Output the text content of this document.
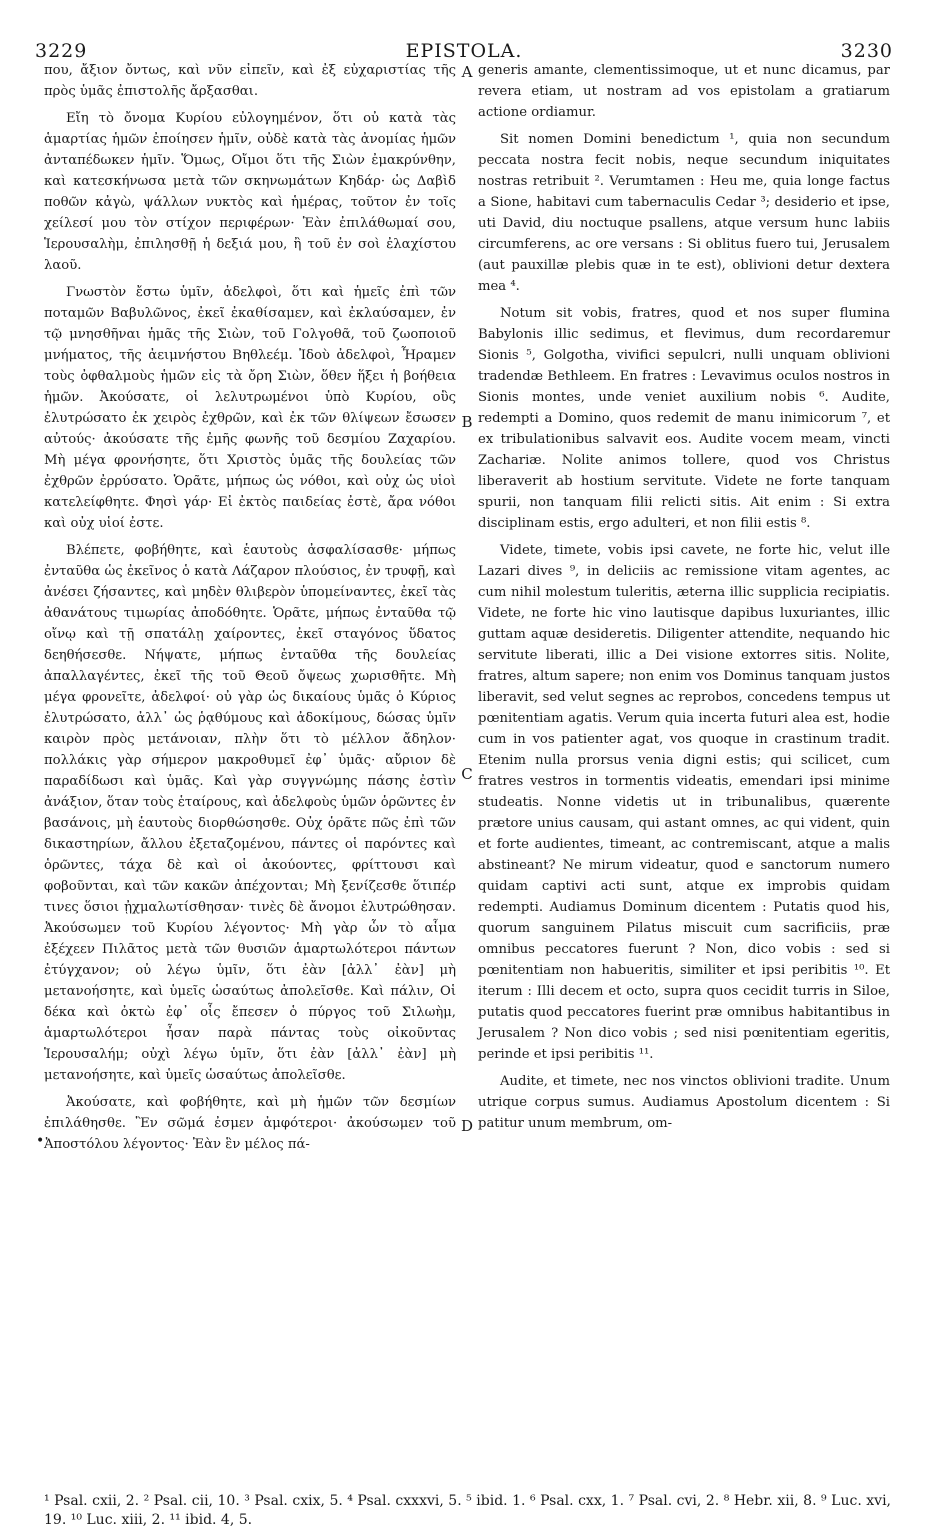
3229	EPISTOLA.	3230

που, ἄξιον ὄντως, καὶ νῦν εἰπεῖν, καὶ ἐξ εὐχαριστίας τῆς πρὸς ὑμᾶς ἐπιστολῆς ἄρξασθαι.

Εἴη τὸ ὄνομα Κυρίου εὐλογημένον, ὅτι οὐ κατὰ τὰς ἁμαρτίας ἡμῶν ἐποίησεν ἡμῖν, οὐδὲ κατὰ τὰς ἀνομίας ἡμῶν ἀνταπέδωκεν ἡμῖν. Ὅμως, Οἴμοι ὅτι τῆς Σιὼν ἐμακρύνθην, καὶ κατεσκήνωσα μετὰ τῶν σκηνωμάτων Κηδάρ· ὡς Δαβὶδ ποθῶν κἀγὼ, ψάλλων νυκτὸς καὶ ἡμέρας, τοῦτον ἐν τοῖς χείλεσί μου τὸν στίχον περιφέρων· Ἐὰν ἐπιλάθωμαί σου, Ἱερουσαλὴμ, ἐπιλησθῇ ἡ δεξιά μου, ἢ τοῦ ἐν σοὶ ἐλαχίστου λαοῦ.

Γνωστὸν ἔστω ὑμῖν, ἀδελφοὶ, ὅτι καὶ ἡμεῖς ἐπὶ τῶν ποταμῶν Βαβυλῶνος, ἐκεῖ ἐκαθίσαμεν, καὶ ἐκλαύσαμεν, ἐν τῷ μνησθῆναι ἡμᾶς τῆς Σιὼν, τοῦ Γολγοθᾶ, τοῦ ζωοποιοῦ μνήματος, τῆς ἀειμνήστου Βηθλεέμ. Ἰδοὺ ἀδελφοὶ, Ἦραμεν τοὺς ὀφθαλμοὺς ἡμῶν εἰς τὰ ὄρη Σιὼν, ὅθεν ἥξει ἡ βοήθεια ἡμῶν. Ἀκούσατε, οἱ λελυτρωμένοι ὑπὸ Κυρίου, οὓς ἐλυτρώσατο ἐκ χειρὸς ἐχθρῶν, καὶ ἐκ τῶν θλίψεων ἔσωσεν αὐτούς· ἀκούσατε τῆς ἐμῆς φωνῆς τοῦ δεσμίου Ζαχαρίου. Μὴ μέγα φρονήσητε, ὅτι Χριστὸς ὑμᾶς τῆς δουλείας τῶν ἐχθρῶν ἐρρύσατο. Ὁρᾶτε, μήπως ὡς νόθοι, καὶ οὐχ ὡς υἱοὶ κατελείφθητε. Φησὶ γάρ· Εἰ ἐκτὸς παιδείας ἐστὲ, ἄρα νόθοι καὶ οὐχ υἱοί ἐστε.

Βλέπετε, φοβήθητε, καὶ ἑαυτοὺς ἀσφαλίσασθε· μήπως ἐνταῦθα ὡς ἐκεῖνος ὁ κατὰ Λάζαρον πλούσιος, ἐν τρυφῇ, καὶ ἀνέσει ζήσαντες, καὶ μηδὲν θλιβερὸν ὑπομείναντες, ἐκεῖ τὰς ἀθανάτους τιμωρίας ἀποδόθητε. Ὁρᾶτε, μήπως ἐνταῦθα τῷ οἴνῳ καὶ τῇ σπατάλῃ χαίροντες, ἐκεῖ σταγόνος ὕδατος δεηθήσεσθε. Νήψατε, μήπως ἐνταῦθα τῆς δουλείας ἀπαλλαγέντες, ἐκεῖ τῆς τοῦ Θεοῦ ὄψεως χωρισθῆτε. Μὴ μέγα φρονεῖτε, ἀδελφοί· οὐ γὰρ ὡς δικαίους ὑμᾶς ὁ Κύριος ἐλυτρώσατο, ἀλλ᾽ ὡς ῥᾳθύμους καὶ ἀδοκίμους, δώσας ὑμῖν καιρὸν πρὸς μετάνοιαν, πλὴν ὅτι τὸ μέλλον ἄδηλον· πολλάκις γὰρ σήμερον μακροθυμεῖ ἐφ᾽ ὑμᾶς· αὔριον δὲ παραδίδωσι καὶ ὑμᾶς. Καὶ γὰρ συγγνώμης πάσης ἐστὶν ἀνάξιον, ὅταν τοὺς ἑταίρους, καὶ ἀδελφοὺς ὑμῶν ὁρῶντες ἐν βασάνοις, μὴ ἑαυτοὺς διορθώσησθε. Οὐχ ὁρᾶτε πῶς ἐπὶ τῶν δικαστηρίων, ἄλλου ἐξεταζομένου, πάντες οἱ παρόντες καὶ ὁρῶντες, τάχα δὲ καὶ οἱ ἀκούοντες, φρίττουσι καὶ φοβοῦνται, καὶ τῶν κακῶν ἀπέχονται; Μὴ ξενίζεσθε ὅτιπέρ τινες ὅσιοι ᾐχμαλωτίσθησαν· τινὲς δὲ ἄνομοι ἐλυτρώθησαν. Ἀκούσωμεν τοῦ Κυρίου λέγοντος· Μὴ γὰρ ὧν τὸ αἷμα ἐξέχεεν Πιλᾶτος μετὰ τῶν θυσιῶν ἁμαρτωλότεροι πάντων ἐτύγχανον; οὐ λέγω ὑμῖν, ὅτι ἐὰν [ἀλλ᾽ ἐὰν] μὴ μετανοήσητε, καὶ ὑμεῖς ὡσαύτως ἀπολεῖσθε. Καὶ πάλιν, Οἱ δέκα καὶ ὀκτὼ ἐφ᾽ οἷς ἔπεσεν ὁ πύργος τοῦ Σιλωὴμ, ἁμαρτωλότεροι ἦσαν παρὰ πάντας τοὺς οἰκοῦντας Ἱερουσαλήμ; οὐχὶ λέγω ὑμῖν, ὅτι ἐὰν [ἀλλ᾽ ἐὰν] μὴ μετανοήσητε, καὶ ὑμεῖς ὡσαύτως ἀπολεῖσθε.

Ἀκούσατε, καὶ φοβήθητε, καὶ μὴ ἡμῶν τῶν δεσμίων ἐπιλάθησθε. Ἓν σῶμά ἐσμεν ἀμφότεροι· ἀκούσωμεν τοῦ Ἀποστόλου λέγοντος· Ἐὰν ἓν μέλος πά-

A
B
C
D
•

generis amante, clementissimoque, ut et nunc dicamus, par revera etiam, ut nostram ad vos epistolam a gratiarum actione ordiamur.

Sit nomen Domini benedictum ¹, quia non secundum peccata nostra fecit nobis, neque secundum iniquitates nostras retribuit ². Verumtamen : Heu me, quia longe factus a Sione, habitavi cum tabernaculis Cedar ³; desiderio et ipse, uti David, diu noctuque psallens, atque versum hunc labiis circumferens, ac ore versans : Si oblitus fuero tui, Jerusalem (aut pauxillæ plebis quæ in te est), oblivioni detur dextera mea ⁴.

Notum sit vobis, fratres, quod et nos super flumina Babylonis illic sedimus, et flevimus, dum recordaremur Sionis ⁵, Golgotha, vivifici sepulcri, nulli unquam oblivioni tradendæ Bethleem. En fratres : Levavimus oculos nostros in Sionis montes, unde veniet auxilium nobis ⁶. Audite, redempti a Domino, quos redemit de manu inimicorum ⁷, et ex tribulationibus salvavit eos. Audite vocem meam, vincti Zachariæ. Nolite animos tollere, quod vos Christus liberaverit ab hostium servitute. Videte ne forte tanquam spurii, non tanquam filii relicti sitis. Ait enim : Si extra disciplinam estis, ergo adulteri, et non filii estis ⁸.

Videte, timete, vobis ipsi cavete, ne forte hic, velut ille Lazari dives ⁹, in deliciis ac remissione vitam agentes, ac cum nihil molestum tuleritis, æterna illic supplicia recipiatis. Videte, ne forte hic vino lautisque dapibus luxuriantes, illic guttam aquæ desideretis. Diligenter attendite, nequando hic servitute liberati, illic a Dei visione extorres sitis. Nolite, fratres, altum sapere; non enim vos Dominus tanquam justos liberavit, sed velut segnes ac reprobos, concedens tempus ut pœnitentiam agatis. Verum quia incerta futuri alea est, hodie cum in vos patienter agat, vos quoque in crastinum tradit. Etenim nulla prorsus venia digni estis; qui scilicet, cum fratres vestros in tormentis videatis, emendari ipsi minime studeatis. Nonne videtis ut in tribunalibus, quærente prætore unius causam, qui astant omnes, ac qui vident, quin et forte audientes, timeant, ac contremiscant, atque a malis abstineant? Ne mirum videatur, quod e sanctorum numero quidam captivi acti sunt, atque ex improbis quidam redempti. Audiamus Dominum dicentem : Putatis quod his, quorum sanguinem Pilatus miscuit cum sacrificiis, præ omnibus peccatores fuerunt ? Non, dico vobis : sed si pœnitentiam non habueritis, similiter et ipsi peribitis ¹⁰. Et iterum : Illi decem et octo, supra quos cecidit turris in Siloe, putatis quod peccatores fuerint præ omnibus habitantibus in Jerusalem ? Non dico vobis ; sed nisi pœnitentiam egeritis, perinde et ipsi peribitis ¹¹.

Audite, et timete, nec nos vinctos oblivioni tradite. Unum utrique corpus sumus. Audiamus Apostolum dicentem : Si patitur unum membrum, om-

¹ Psal. cxii, 2. ² Psal. cii, 10. ³ Psal. cxix, 5. ⁴ Psal. cxxxvi, 5. ⁵ ibid. 1. ⁶ Psal. cxx, 1. ⁷ Psal. cvi, 2. ⁸ Hebr. xii, 8. ⁹ Luc. xvi, 19. ¹⁰ Luc. xiii, 2. ¹¹ ibid. 4, 5.
